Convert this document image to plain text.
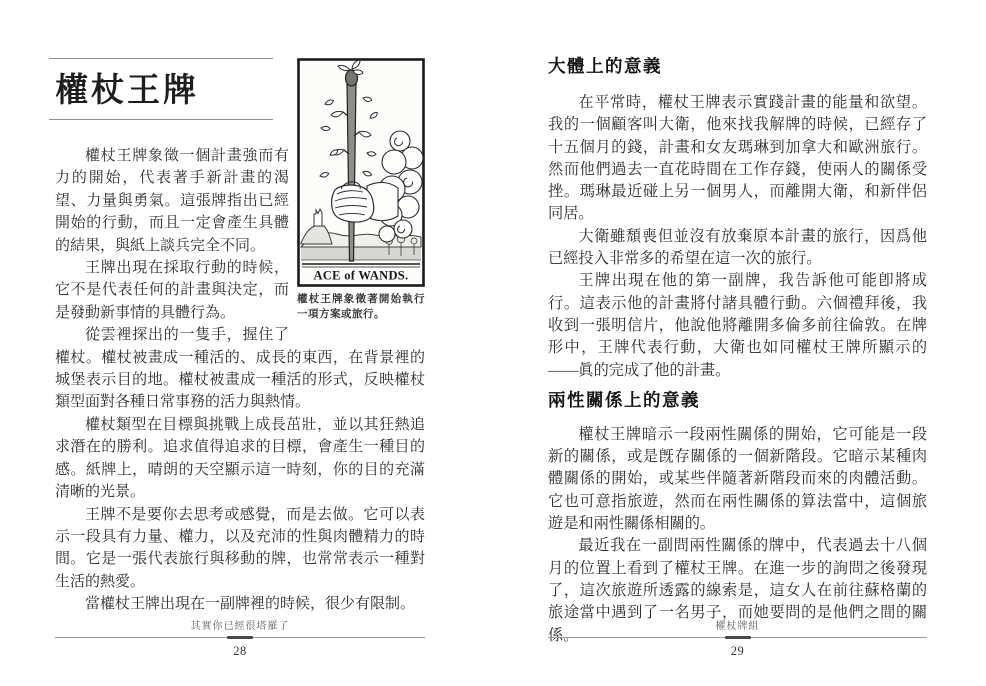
ACE of WANDS.
權杖王牌象徵著開始執行一項方案或旅行。
權杖王牌

權杖王牌象徵一個計畫強而有力的開始，代表著手新計畫的渴望、力量與勇氣。這張牌指出已經開始的行動，而且一定會產生具體的結果，與紙上談兵完全不同。

王牌出現在採取行動的時候，它不是代表任何的計畫與決定，而是發動新事情的具體行為。

從雲裡探出的一隻手，握住了權杖。權杖被畫成一種活的、成長的東西，在背景裡的城堡表示目的地。權杖被畫成一種活的形式，反映權杖類型面對各種日常事務的活力與熱情。

權杖類型在目標與挑戰上成長茁壯，並以其狂熱追求潛在的勝利。追求值得追求的目標，會產生一種目的感。紙牌上，晴朗的天空顯示這一時刻，你的目的充滿清晰的光景。

王牌不是要你去思考或感覺，而是去做。它可以表示一段具有力量、權力，以及充沛的性與肉體精力的時間。它是一張代表旅行與移動的牌，也常常表示一種對生活的熱愛。

當權杖王牌出現在一副牌裡的時候，很少有限制。

大體上的意義

在平常時，權杖王牌表示實踐計畫的能量和欲望。我的一個顧客叫大衛，他來找我解牌的時候，已經存了十五個月的錢，計畫和女友瑪琳到加拿大和歐洲旅行。然而他們過去一直花時間在工作存錢，使兩人的關係受挫。瑪琳最近碰上另一個男人，而離開大衛，和新伴侶同居。

大衛雖頹喪但並沒有放棄原本計畫的旅行，因爲他已經投入非常多的希望在這一次的旅行。

王牌出現在他的第一副牌，我告訴他可能卽將成行。這表示他的計畫將付諸具體行動。六個禮拜後，我收到一張明信片，他說他將離開多倫多前往倫敦。在牌形中，王牌代表行動，大衛也如同權杖王牌所顯示的——眞的完成了他的計畫。

兩性關係上的意義

權杖王牌暗示一段兩性關係的開始，它可能是一段新的關係，或是旣存關係的一個新階段。它暗示某種肉體關係的開始，或某些伴隨著新階段而來的肉體活動。它也可意指旅遊，然而在兩性關係的算法當中，這個旅遊是和兩性關係相關的。

最近我在一副問兩性關係的牌中，代表過去十八個月的位置上看到了權杖王牌。在進一步的詢問之後發現了，這次旅遊所透露的線索是，這女人在前往蘇格蘭的旅途當中遇到了一名男子，而她要問的是他們之間的關係。

其實你已經很塔羅了
28
權杖牌組
29
